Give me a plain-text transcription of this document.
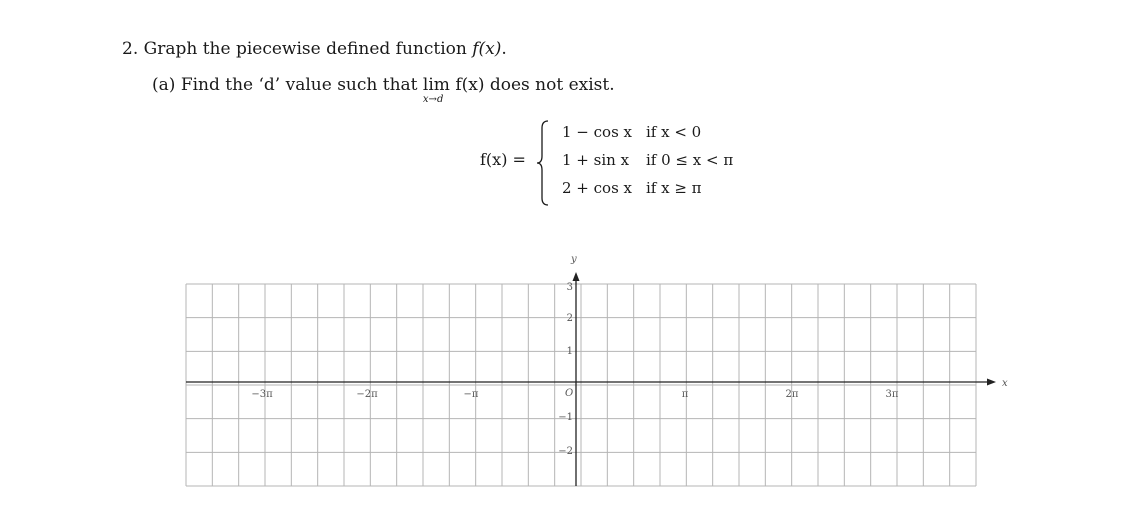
2. Graph the piecewise defined function f(x).
(a) Find the ‘d’ value such that lim
x→d
f(x) does not exist.
f(x) =
1 − cos x if x < 0
1 + sin x if 0 ≤ x < π
2 + cos x if x ≥ π
x
y
O
−3π	−2π	−π	π	2π	3π
3
2
1
−1
−2
